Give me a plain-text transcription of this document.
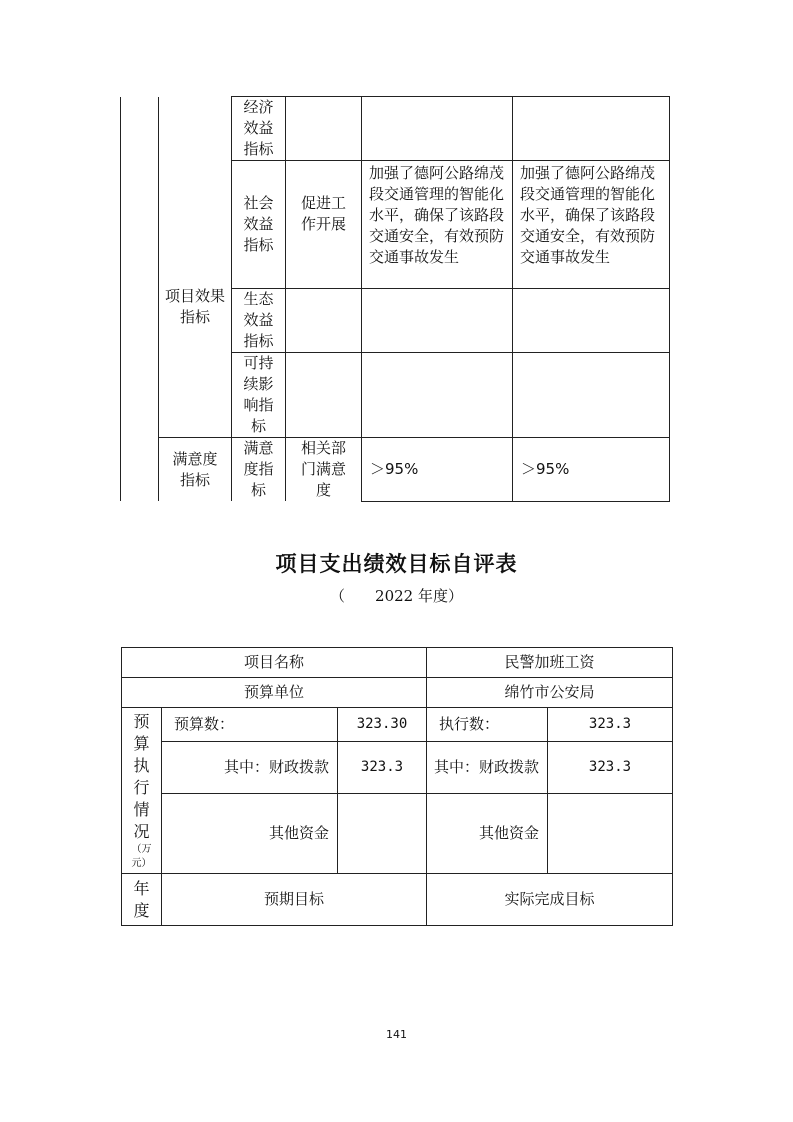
	项目效果指标	经济效益指标			

		社会效益指标	促进工作开展	加强了德阿公路绵茂段交通管理的智能化水平，确保了该路段交通安全，有效预防交通事故发生	加强了德阿公路绵茂段交通管理的智能化水平，确保了该路段交通安全，有效预防交通事故发生

		生态效益指标			

		可持续影响指标			

	满意度指标	满意度指标	相关部门满意度	＞95%	＞95%
项目支出绩效目标自评表
（ 2022 年度）
项目名称			民警加班工资	
预算单位			绵竹市公安局	

预算执行情况
（万元）	预算数：	323.30	执行数：	323.3
	其中：财政拨款	323.3	其中：财政拨款	323.3
	其他资金		其他资金	

年度	预期目标		实际完成目标	
141
